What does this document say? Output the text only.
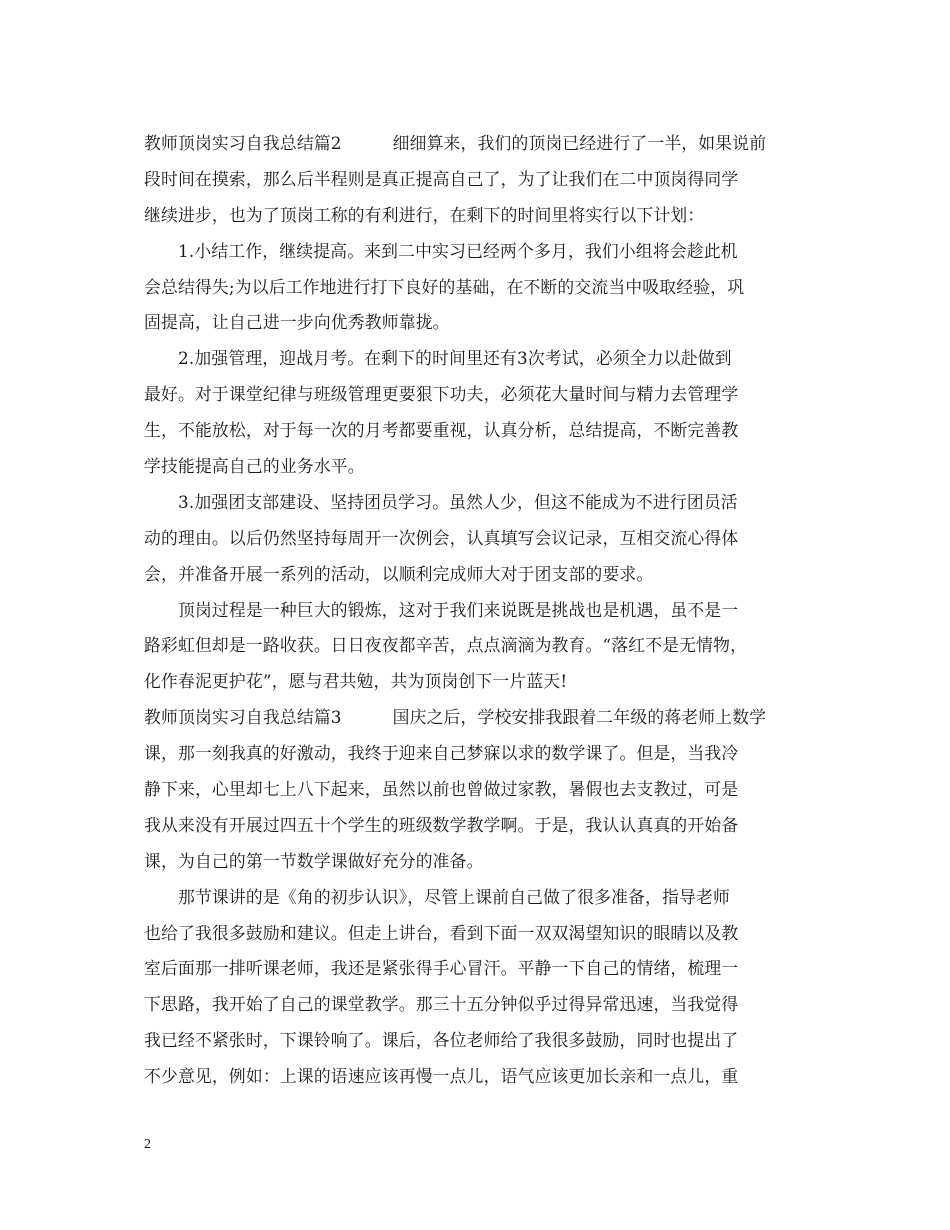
教师顶岗实习自我总结篇2　　　细细算来，我们的顶岗已经进行了一半，如果说前
段时间在摸索，那么后半程则是真正提高自己了，为了让我们在二中顶岗得同学
继续进步，也为了顶岗工称的有利进行，在剩下的时间里将实行以下计划：
　　1.小结工作，继续提高。来到二中实习已经两个多月，我们小组将会趁此机
会总结得失;为以后工作地进行打下良好的基础，在不断的交流当中吸取经验，巩
固提高，让自己进一步向优秀教师靠拢。
　　2.加强管理，迎战月考。在剩下的时间里还有3次考试，必须全力以赴做到
最好。对于课堂纪律与班级管理更要狠下功夫，必须花大量时间与精力去管理学
生，不能放松，对于每一次的月考都要重视，认真分析，总结提高，不断完善教
学技能提高自己的业务水平。
　　3.加强团支部建设、坚持团员学习。虽然人少，但这不能成为不进行团员活
动的理由。以后仍然坚持每周开一次例会，认真填写会议记录，互相交流心得体
会，并准备开展一系列的活动，以顺利完成师大对于团支部的要求。
　　顶岗过程是一种巨大的锻炼，这对于我们来说既是挑战也是机遇，虽不是一
路彩虹但却是一路收获。日日夜夜都辛苦，点点滴滴为教育。“落红不是无情物，
化作春泥更护花”，愿与君共勉，共为顶岗创下一片蓝天!
教师顶岗实习自我总结篇3　　　国庆之后，学校安排我跟着二年级的蒋老师上数学
课，那一刻我真的好激动，我终于迎来自己梦寐以求的数学课了。但是，当我冷
静下来，心里却七上八下起来，虽然以前也曾做过家教，暑假也去支教过，可是
我从来没有开展过四五十个学生的班级数学教学啊。于是，我认认真真的开始备
课，为自己的第一节数学课做好充分的准备。
　　那节课讲的是《角的初步认识》，尽管上课前自己做了很多准备，指导老师
也给了我很多鼓励和建议。但走上讲台，看到下面一双双渴望知识的眼睛以及教
室后面那一排听课老师，我还是紧张得手心冒汗。平静一下自己的情绪，梳理一
下思路，我开始了自己的课堂教学。那三十五分钟似乎过得异常迅速，当我觉得
我已经不紧张时，下课铃响了。课后，各位老师给了我很多鼓励，同时也提出了
不少意见，例如：上课的语速应该再慢一点儿，语气应该更加长亲和一点儿，重
2
